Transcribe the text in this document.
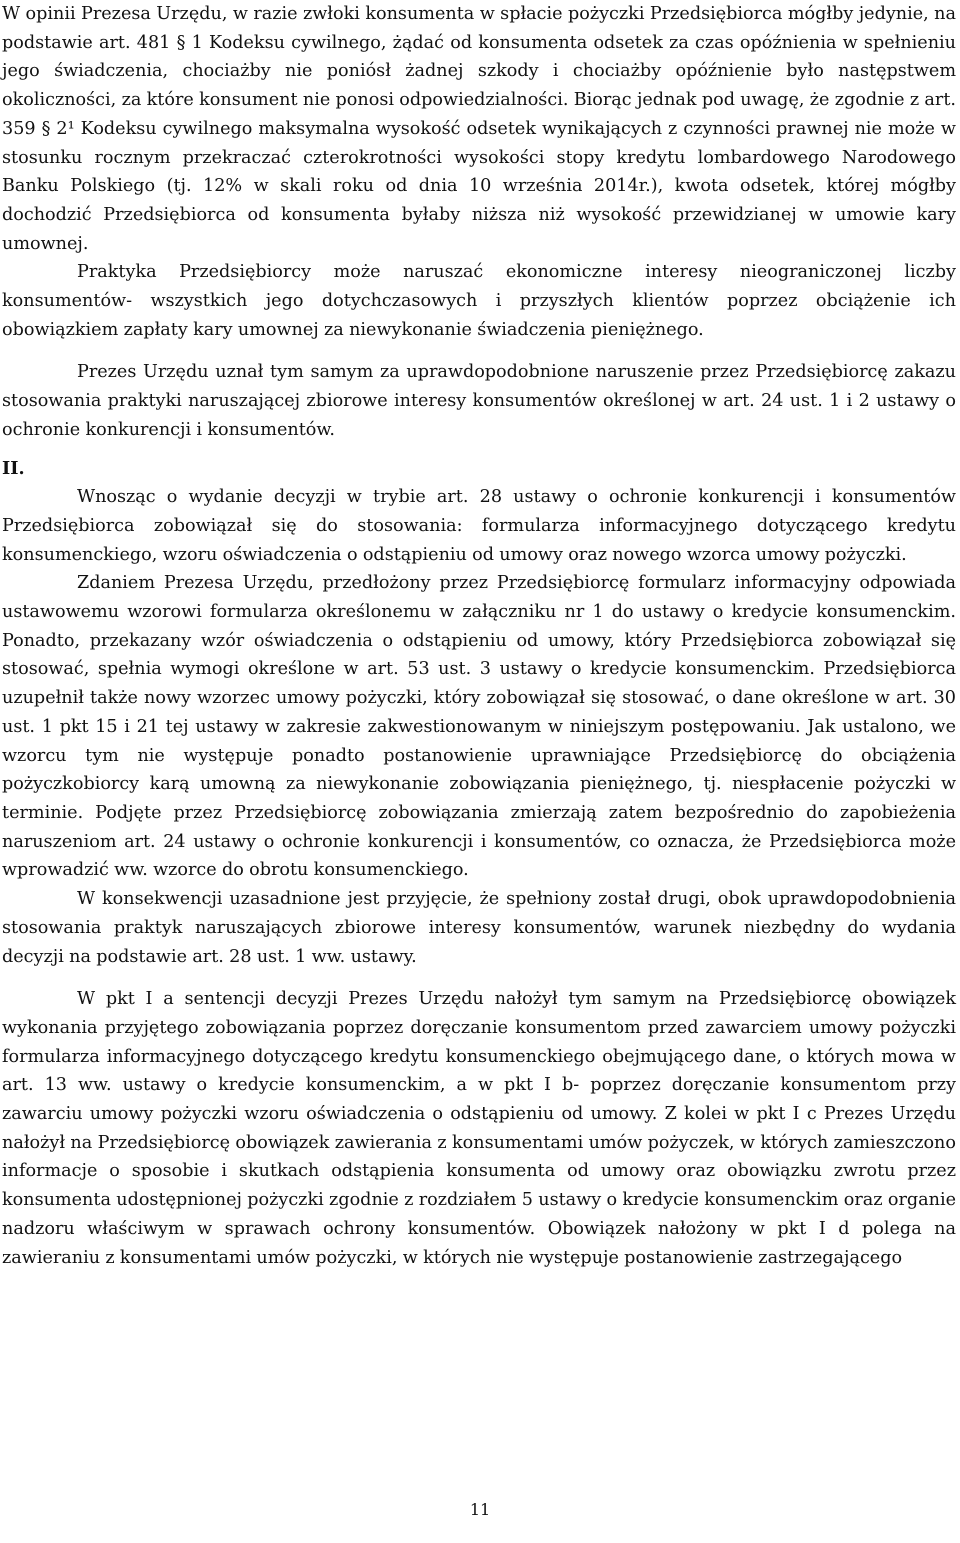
W opinii Prezesa Urzędu, w razie zwłoki konsumenta w spłacie pożyczki Przedsiębiorca mógłby jedynie, na podstawie art. 481 § 1 Kodeksu cywilnego, żądać od konsumenta odsetek za czas opóźnienia w spełnieniu jego świadczenia, chociażby nie poniósł żadnej szkody i chociażby opóźnienie było następstwem okoliczności, za które konsument nie ponosi odpowiedzialności. Biorąc jednak pod uwagę, że zgodnie z art. 359 § 2¹ Kodeksu cywilnego maksymalna wysokość odsetek wynikających z czynności prawnej nie może w stosunku rocznym przekraczać czterokrotności wysokości stopy kredytu lombardowego Narodowego Banku Polskiego (tj. 12% w skali roku od dnia 10 września 2014r.), kwota odsetek, której mógłby dochodzić Przedsiębiorca od konsumenta byłaby niższa niż wysokość przewidzianej w umowie kary umownej.

Praktyka Przedsiębiorcy może naruszać ekonomiczne interesy nieograniczonej liczby konsumentów- wszystkich jego dotychczasowych i przyszłych klientów poprzez obciążenie ich obowiązkiem zapłaty kary umownej za niewykonanie świadczenia pieniężnego.

Prezes Urzędu uznał tym samym za uprawdopodobnione naruszenie przez Przedsiębiorcę zakazu stosowania praktyki naruszającej zbiorowe interesy konsumentów określonej w art. 24 ust. 1 i 2 ustawy o ochronie konkurencji i konsumentów.

II.

Wnosząc o wydanie decyzji w trybie art. 28 ustawy o ochronie konkurencji i konsumentów Przedsiębiorca zobowiązał się do stosowania: formularza informacyjnego dotyczącego kredytu konsumenckiego, wzoru oświadczenia o odstąpieniu od umowy oraz nowego wzorca umowy pożyczki.

Zdaniem Prezesa Urzędu, przedłożony przez Przedsiębiorcę formularz informacyjny odpowiada ustawowemu wzorowi formularza określonemu w załączniku nr 1 do ustawy o kredycie konsumenckim. Ponadto, przekazany wzór oświadczenia o odstąpieniu od umowy, który Przedsiębiorca zobowiązał się stosować, spełnia wymogi określone w art. 53 ust. 3 ustawy o kredycie konsumenckim. Przedsiębiorca uzupełnił także nowy wzorzec umowy pożyczki, który zobowiązał się stosować, o dane określone w art. 30 ust. 1 pkt 15 i 21 tej ustawy w zakresie zakwestionowanym w niniejszym postępowaniu. Jak ustalono, we wzorcu tym nie występuje ponadto postanowienie uprawniające Przedsiębiorcę do obciążenia pożyczkobiorcy karą umowną za niewykonanie zobowiązania pieniężnego, tj. niespłacenie pożyczki w terminie. Podjęte przez Przedsiębiorcę zobowiązania zmierzają zatem bezpośrednio do zapobieżenia naruszeniom art. 24 ustawy o ochronie konkurencji i konsumentów, co oznacza, że Przedsiębiorca może wprowadzić ww. wzorce do obrotu konsumenckiego.

W konsekwencji uzasadnione jest przyjęcie, że spełniony został drugi, obok uprawdopodobnienia stosowania praktyk naruszających zbiorowe interesy konsumentów, warunek niezbędny do wydania decyzji na podstawie art. 28 ust. 1 ww. ustawy.

W pkt I a sentencji decyzji Prezes Urzędu nałożył tym samym na Przedsiębiorcę obowiązek wykonania przyjętego zobowiązania poprzez doręczanie konsumentom przed zawarciem umowy pożyczki formularza informacyjnego dotyczącego kredytu konsumenckiego obejmującego dane, o których mowa w art. 13 ww. ustawy o kredycie konsumenckim, a w pkt I b- poprzez doręczanie konsumentom przy zawarciu umowy pożyczki wzoru oświadczenia o odstąpieniu od umowy. Z kolei w pkt I c Prezes Urzędu nałożył na Przedsiębiorcę obowiązek zawierania z konsumentami umów pożyczek, w których zamieszczono informacje o sposobie i skutkach odstąpienia konsumenta od umowy oraz obowiązku zwrotu przez konsumenta udostępnionej pożyczki zgodnie z rozdziałem 5 ustawy o kredycie konsumenckim oraz organie nadzoru właściwym w sprawach ochrony konsumentów. Obowiązek nałożony w pkt I d polega na zawieraniu z konsumentami umów pożyczki, w których nie występuje postanowienie zastrzegającego

11
